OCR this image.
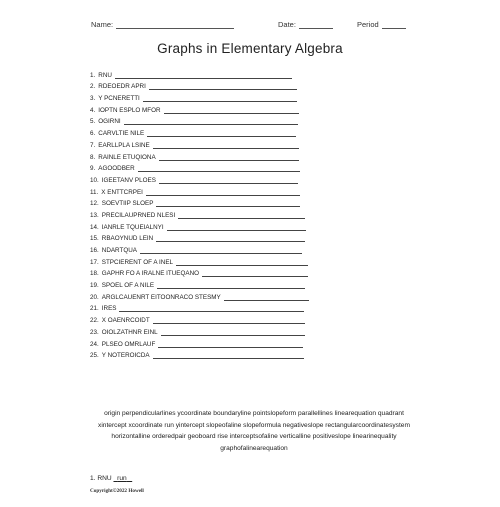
Name:	Date:	Period
Graphs in Elementary Algebra
1. RNU
2. RDEOEDR APRI
3. Y PCNERETTI
4. IOPTN ESPLO MFOR
5. OGIRNI
6. CARVLTIE NILE
7. EARLLPLA LSINE
8. RAINLE ETUQIONA
9. AGOODBER
10. IGEETANV PLOES
11. X ENTTCRPEI
12. SOEVTIIP SLOEP
13. PRECILAUPRNED NLESI
14. IANRLE TQUEIALNYI
15. RBAOYNUD LEIN
16. NDARTQUA
17. STPCIERENT OF A INEL
18. GAPHR FO A IRALNE ITUEQANO
19. SPOEL OF A NILE
20. ARGLCAUENRT EITOONRACO STESMY
21. IRES
22. X OAENRCOIDT
23. OIOLZATHNR EINL
24. PLSEO OMRLAUF
25. Y NOTEROICDA
origin perpendicularlines ycoordinate boundaryline pointslopeform parallellines linearequation quadrant xintercept xcoordinate run yintercept slopeofaline slopeformula negativeslope rectangularcoordinatesystem horizontalline orderedpair geoboard rise interceptsofaline verticalline positiveslope linearinequality graphofalinearequation
1. RNU run
Copyright©2022 Howell
